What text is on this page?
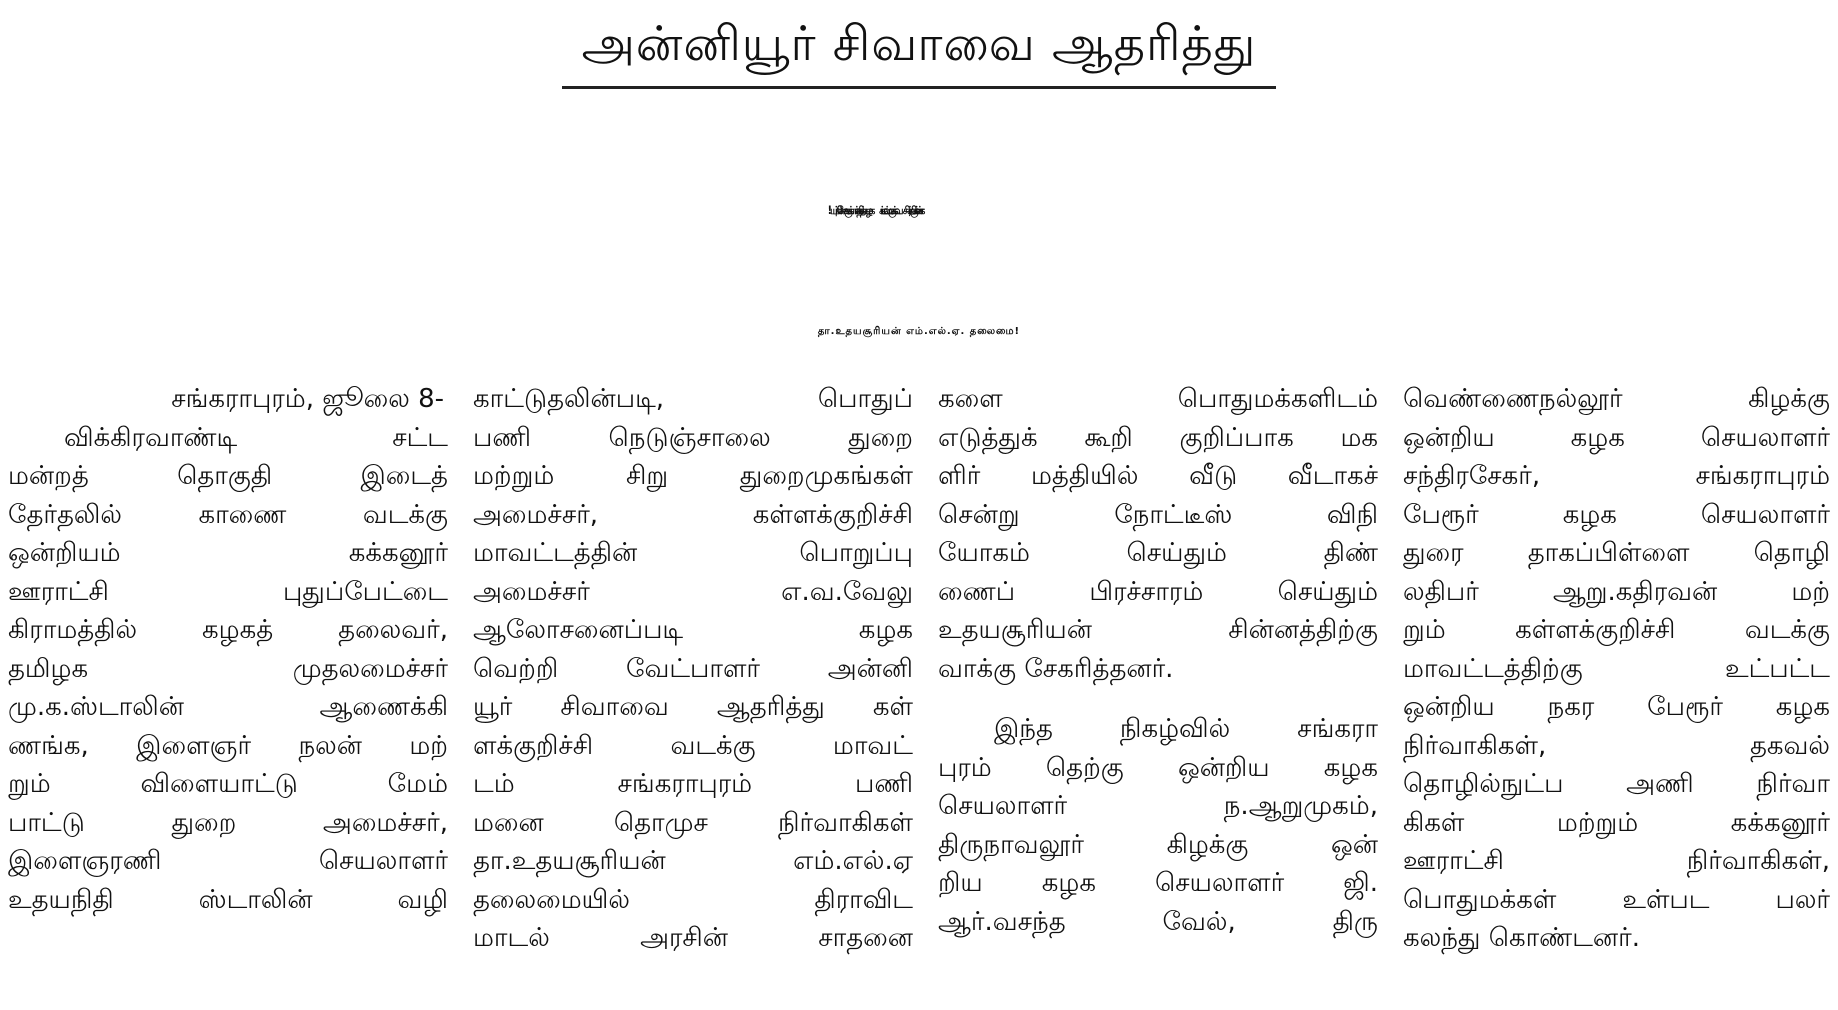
அன்னியூர் சிவாவை ஆதரித்து
தா.உதயசூரியன் எம்.எல்.ஏ. தலைமை!
சங்கராபுரம், ஜூலை 8-
விக்கிரவாண்டி சட்ட
மன்றத் தொகுதி இடைத்
தேர்தலில் காணை வடக்கு
ஒன்றியம் கக்கனூர்
ஊராட்சி புதுப்பேட்டை
கிராமத்தில் கழகத் தலைவர்,
தமிழக முதலமைச்சர்
மு.க.ஸ்டாலின் ஆணைக்கி
ணங்க, இளைஞர் நலன் மற்
றும் விளையாட்டு மேம்
பாட்டு துறை அமைச்சர்,
இளைஞரணி செயலாளர்
உதயநிதி ஸ்டாலின் வழி
காட்டுதலின்படி, பொதுப்
பணி நெடுஞ்சாலை துறை
மற்றும் சிறு துறைமுகங்கள்
அமைச்சர், கள்ளக்குறிச்சி
மாவட்டத்தின் பொறுப்பு
அமைச்சர் எ.வ.வேலு
ஆலோசனைப்படி கழக
வெற்றி வேட்பாளர் அன்னி
யூர் சிவாவை ஆதரித்து கள்
ளக்குறிச்சி வடக்கு மாவட்
டம் சங்கராபுரம் பணி
மனை தொமுச நிர்வாகிகள்
தா.உதயசூரியன் எம்.எல்.ஏ
தலைமையில் திராவிட
மாடல் அரசின் சாதனை
களை பொதுமக்களிடம்
எடுத்துக் கூறி குறிப்பாக மக
ளிர் மத்தியில் வீடு வீடாகச்
சென்று நோட்டீஸ் விநி
யோகம் செய்தும் திண்
ணைப் பிரச்சாரம் செய்தும்
உதயசூரியன் சின்னத்திற்கு
வாக்கு சேகரித்தனர்.
இந்த நிகழ்வில் சங்கரா
புரம் தெற்கு ஒன்றிய கழக
செயலாளர் ந.ஆறுமுகம்,
திருநாவலூர் கிழக்கு ஒன்
றிய கழக செயலாளர் ஜி.
ஆர்.வசந்த வேல், திரு
வெண்ணைநல்லூர் கிழக்கு
ஒன்றிய கழக செயலாளர்
சந்திரசேகர், சங்கராபுரம்
பேரூர் கழக செயலாளர்
துரை தாகப்பிள்ளை தொழி
லதிபர் ஆறு.கதிரவன் மற்
றும் கள்ளக்குறிச்சி வடக்கு
மாவட்டத்திற்கு உட்பட்ட
ஒன்றிய நகர பேரூர் கழக
நிர்வாகிகள், தகவல்
தொழில்நுட்ப அணி நிர்வா
கிகள் மற்றும் கக்கனூர்
ஊராட்சி நிர்வாகிகள்,
பொதுமக்கள் உள்பட பலர்
கலந்து கொண்டனர்.
